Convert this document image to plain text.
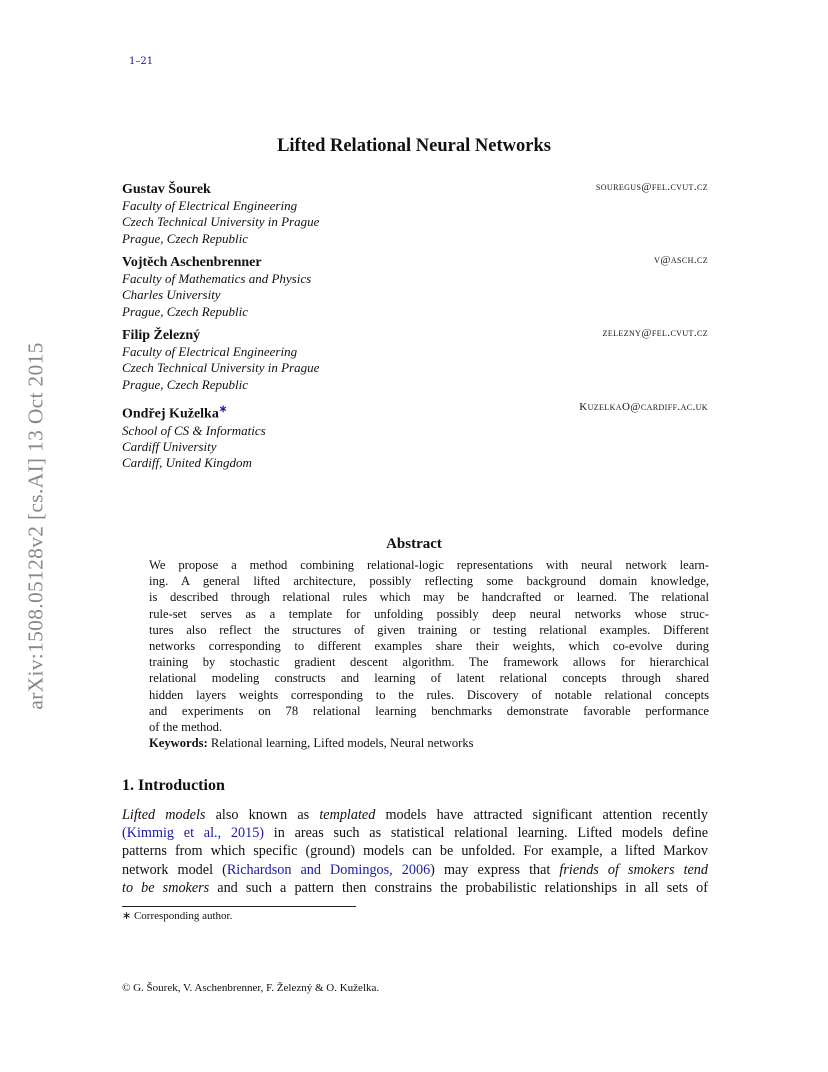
1–21
arXiv:1508.05128v2 [cs.AI] 13 Oct 2015
Lifted Relational Neural Networks
Gustav Šourek	souregus@fel.cvut.cz
Faculty of Electrical Engineering
Czech Technical University in Prague
Prague, Czech Republic
Vojtěch Aschenbrenner	v@asch.cz
Faculty of Mathematics and Physics
Charles University
Prague, Czech Republic
Filip Železný	zelezny@fel.cvut.cz
Faculty of Electrical Engineering
Czech Technical University in Prague
Prague, Czech Republic
Ondřej Kuželka∗	KuzelkaO@cardiff.ac.uk
School of CS & Informatics
Cardiff University
Cardiff, United Kingdom
Abstract
We propose a method combining relational-logic representations with neural network learn-
ing. A general lifted architecture, possibly reflecting some background domain knowledge,
is described through relational rules which may be handcrafted or learned. The relational
rule-set serves as a template for unfolding possibly deep neural networks whose struc-
tures also reflect the structures of given training or testing relational examples. Different
networks corresponding to different examples share their weights, which co-evolve during
training by stochastic gradient descent algorithm. The framework allows for hierarchical
relational modeling constructs and learning of latent relational concepts through shared
hidden layers weights corresponding to the rules. Discovery of notable relational concepts
and experiments on 78 relational learning benchmarks demonstrate favorable performance
of the method.
Keywords: Relational learning, Lifted models, Neural networks
1. Introduction
Lifted models also known as templated models have attracted significant attention recently
(Kimmig et al., 2015) in areas such as statistical relational learning. Lifted models define
patterns from which specific (ground) models can be unfolded. For example, a lifted Markov
network model (Richardson and Domingos, 2006) may express that friends of smokers tend
to be smokers and such a pattern then constrains the probabilistic relationships in all sets of
∗ Corresponding author.
© G. Šourek, V. Aschenbrenner, F. Železný & O. Kuželka.
